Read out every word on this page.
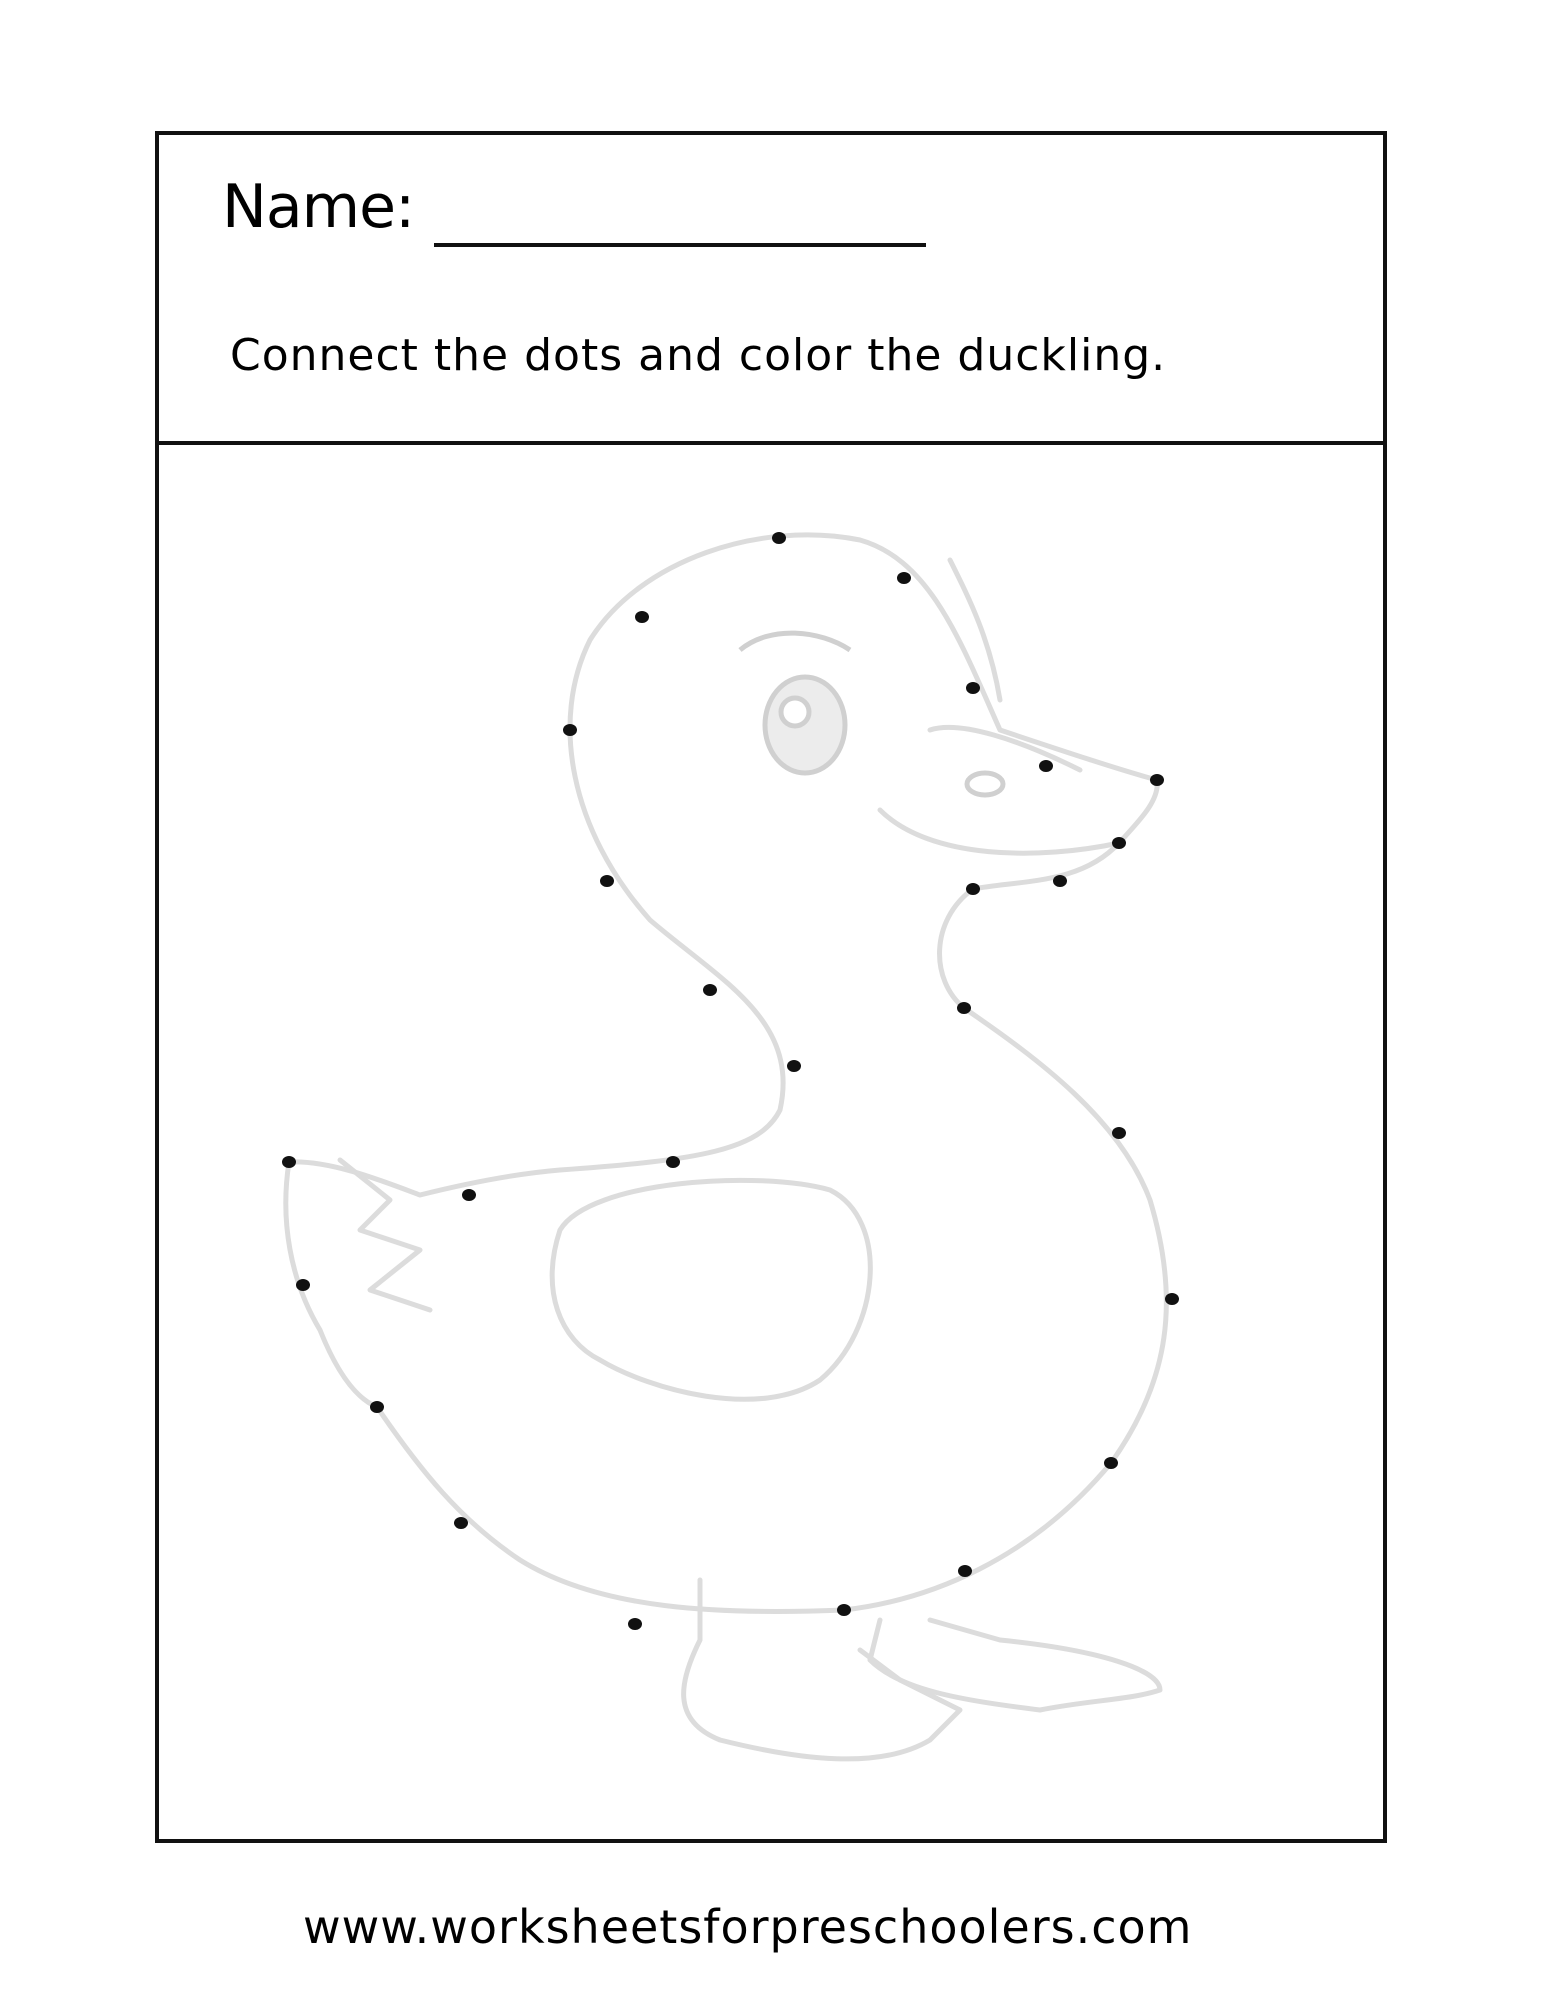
Name:
Connect the dots and color the duckling.
www.worksheetsforpreschoolers.com
